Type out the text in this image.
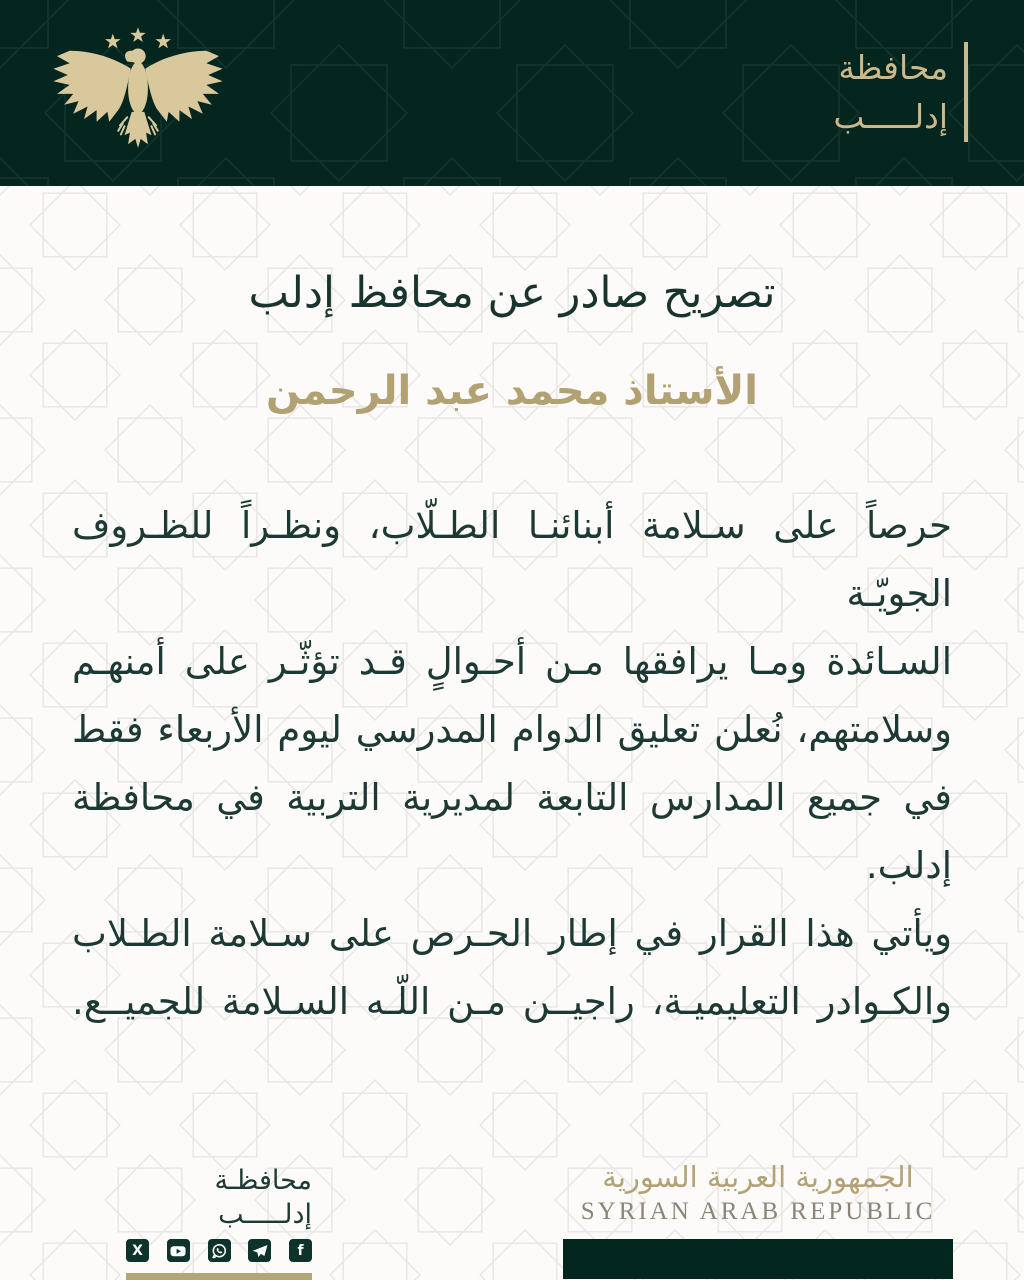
محافظة
إدلـــــب
تصريح صادر عن محافظ إدلب
الأستاذ محمد عبد الرحمن
حرصاً على سـلامة أبنائنـا الطـلّاب، ونظـراً للظـروف الجويّـة
السـائدة ومـا يرافقها مـن أحـوالٍ قـد تؤثّـر على أمنهـم
وسلامتهم، نُعلن تعليق الدوام المدرسي ليوم الأربعاء فقط
في جميع المدارس التابعة لمديرية التربية في محافظة إدلب.
ويأتي هذا القرار في إطار الحـرص على سـلامة الطـلاب
والكـوادر التعليميـة، راجيــن مـن اللّـه السـلامة للجميــع.
محافظـة إدلـــــب
X	f
الجمهورية العربية السورية
SYRIAN ARAB REPUBLIC
